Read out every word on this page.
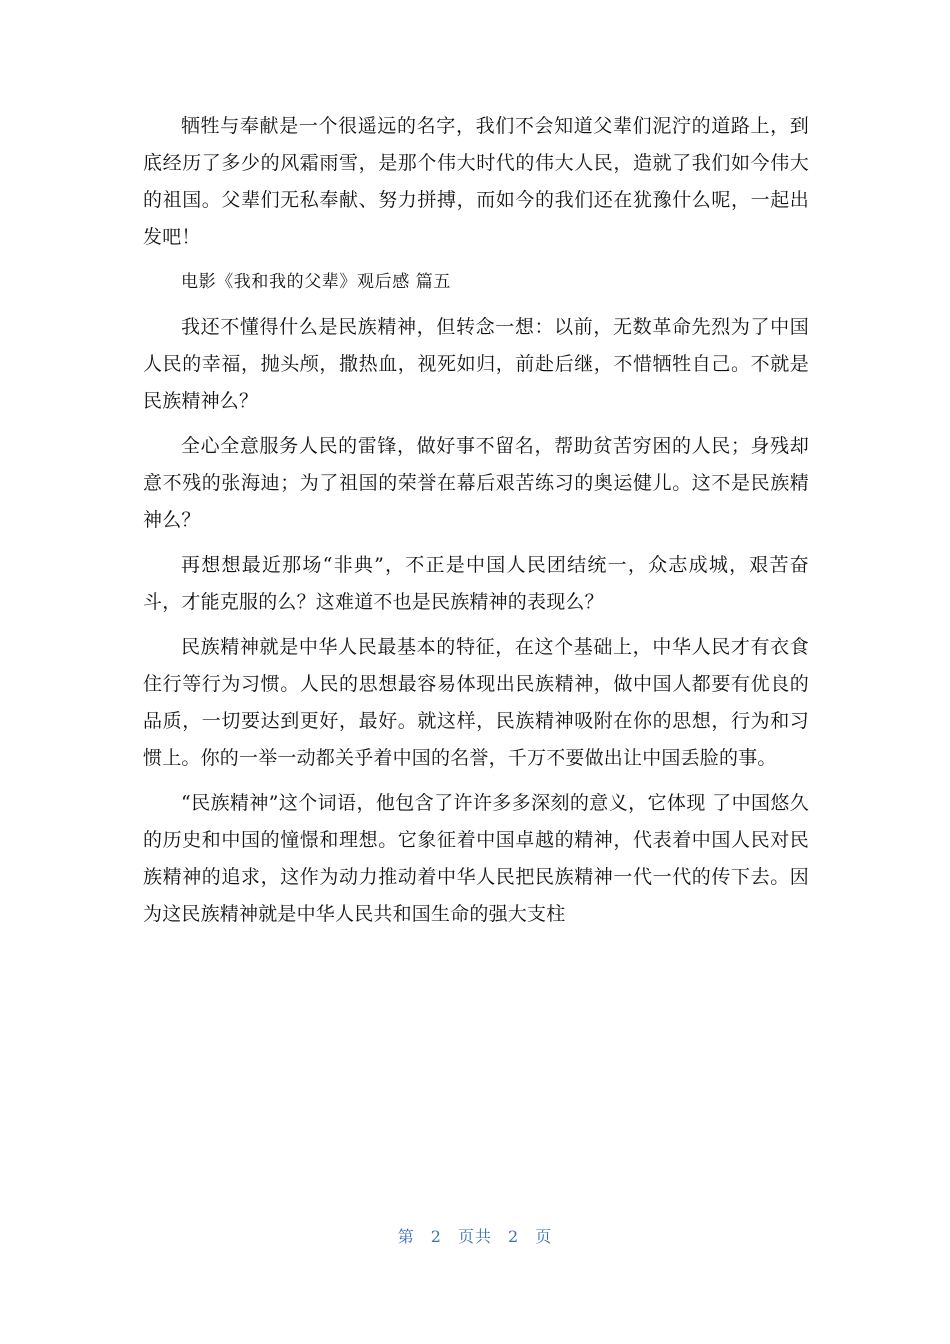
牺牲与奉献是一个很遥远的名字，我们不会知道父辈们泥泞的道路上，到底经历了多少的风霜雨雪，是那个伟大时代的伟大人民，造就了我们如今伟大的祖国。父辈们无私奉献、努力拼搏，而如今的我们还在犹豫什么呢，一起出发吧！

电影《我和我的父辈》观后感 篇五

我还不懂得什么是民族精神，但转念一想：以前，无数革命先烈为了中国人民的幸福，抛头颅，撒热血，视死如归，前赴后继，不惜牺牲自己。不就是民族精神么？

全心全意服务人民的雷锋，做好事不留名，帮助贫苦穷困的人民；身残却意不残的张海迪；为了祖国的荣誉在幕后艰苦练习的奥运健儿。这不是民族精神么？

再想想最近那场“非典”，不正是中国人民团结统一，众志成城，艰苦奋斗，才能克服的么？这难道不也是民族精神的表现么？

民族精神就是中华人民最基本的特征，在这个基础上，中华人民才有衣食住行等行为习惯。人民的思想最容易体现出民族精神，做中国人都要有优良的品质，一切要达到更好，最好。就这样，民族精神吸附在你的思想，行为和习惯上。你的一举一动都关乎着中国的名誉，千万不要做出让中国丢脸的事。

“民族精神”这个词语，他包含了许许多多深刻的意义，它体现 了中国悠久的历史和中国的憧憬和理想。它象征着中国卓越的精神，代表着中国人民对民族精神的追求，这作为动力推动着中华人民把民族精神一代一代的传下去。因为这民族精神就是中华人民共和国生命的强大支柱

第 2 页共 2 页
